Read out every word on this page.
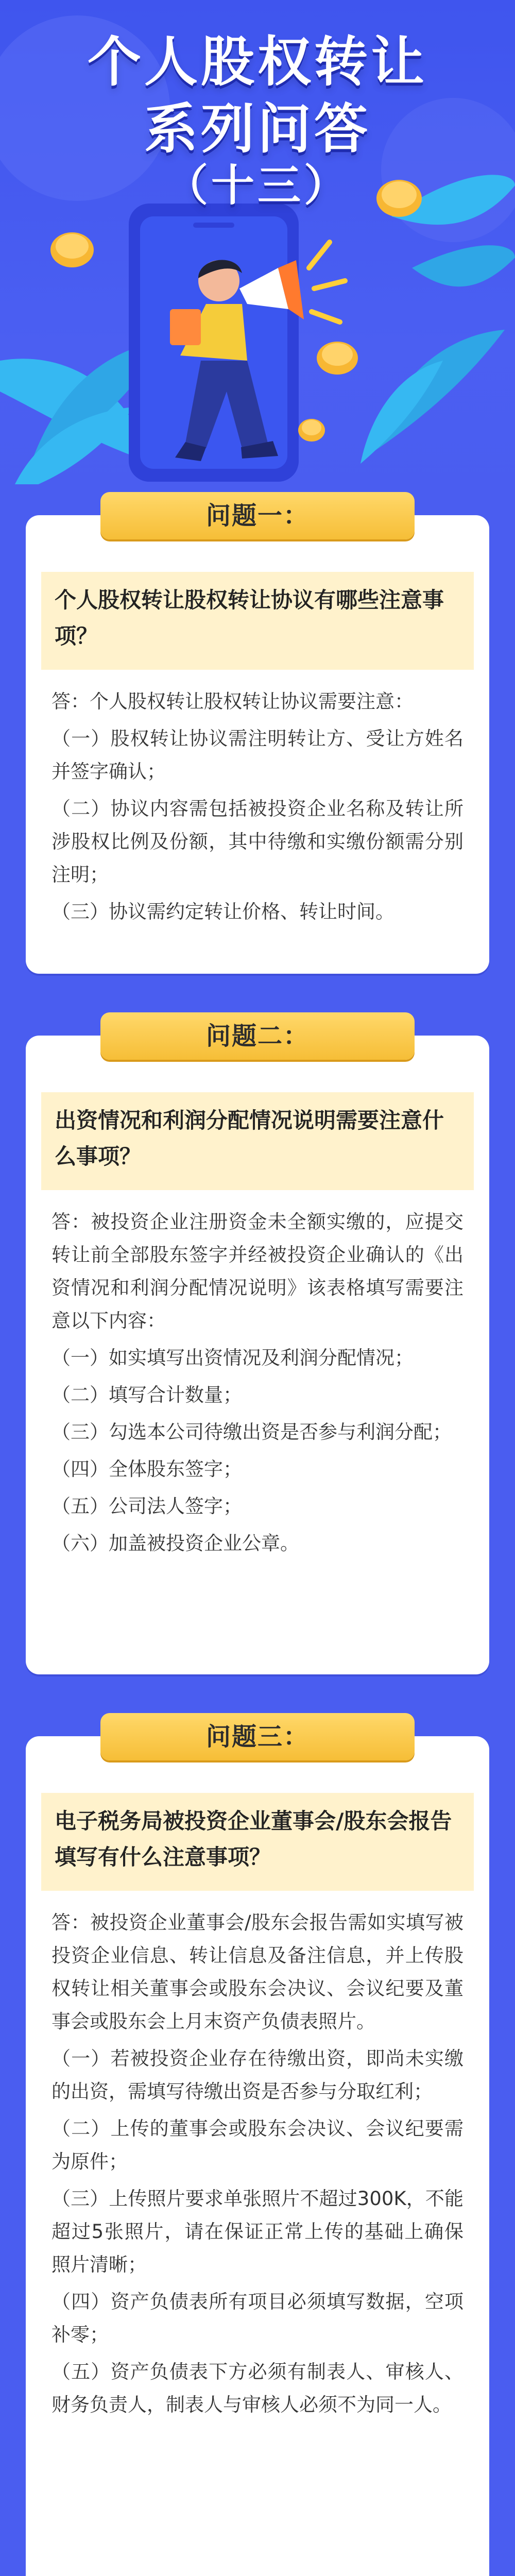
个人股权转让
系列问答
（十三）
问题一：
个人股权转让股权转让协议有哪些注意事项？

答：个人股权转让股权转让协议需要注意：

（一）股权转让协议需注明转让方、受让方姓名并签字确认；

（二）协议内容需包括被投资企业名称及转让所涉股权比例及份额，其中待缴和实缴份额需分别注明；

（三）协议需约定转让价格、转让时间。

问题二：
出资情况和利润分配情况说明需要注意什么事项？

答：被投资企业注册资金未全额实缴的，应提交转让前全部股东签字并经被投资企业确认的《出资情况和利润分配情况说明》该表格填写需要注意以下内容：

（一）如实填写出资情况及利润分配情况；

（二）填写合计数量；

（三）勾选本公司待缴出资是否参与利润分配；

（四）全体股东签字；

（五）公司法人签字；

（六）加盖被投资企业公章。

问题三：
电子税务局被投资企业董事会/股东会报告填写有什么注意事项？

答：被投资企业董事会/股东会报告需如实填写被投资企业信息、转让信息及备注信息，并上传股权转让相关董事会或股东会决议、会议纪要及董事会或股东会上月末资产负债表照片。

（一）若被投资企业存在待缴出资，即尚未实缴的出资，需填写待缴出资是否参与分取红利；

（二）上传的董事会或股东会决议、会议纪要需为原件；

（三）上传照片要求单张照片不超过300K，不能超过5张照片，请在保证正常上传的基础上确保照片清晰；

（四）资产负债表所有项目必须填写数据，空项补零；

（五）资产负债表下方必须有制表人、审核人、财务负责人，制表人与审核人必须不为同一人。
